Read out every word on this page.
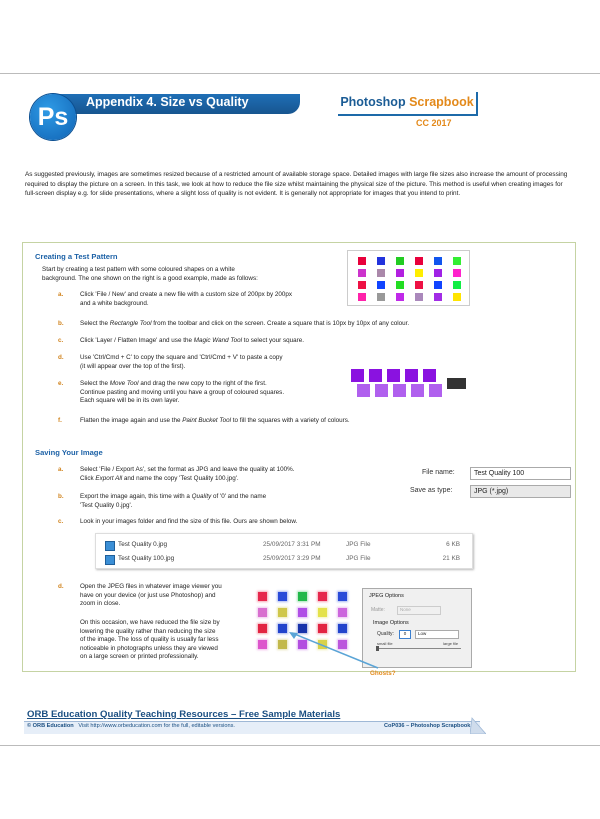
Ps
Appendix 4. Size vs Quality	Photoshop Scrapbook
CC 2017
As suggested previously, images are sometimes resized because of a restricted amount of available storage space. Detailed images with large file sizes also increase the amount of processing required to display the picture on a screen. In this task, we look at how to reduce the file size whilst maintaining the physical size of the picture. This method is useful when creating images for full-screen display e.g. for slide presentations, where a slight loss of quality is not evident. It is generally not appropriate for images that you intend to print.
Creating a Test Pattern
Start by creating a test pattern with some coloured shapes on a white
background. The one shown on the right is a good example, made as follows:
a.	Click 'File / New' and create a new file with a custom size of 200px by 200px
and a white background.
b.	Select the Rectangle Tool from the toolbar and click on the screen. Create a square that is 10px by 10px of any colour.
c.	Click 'Layer / Flatten Image' and use the Magic Wand Tool to select your square.
d.	Use 'Ctrl/Cmd + C' to copy the square and 'Ctrl/Cmd + V' to paste a copy
(it will appear over the top of the first).
e.	Select the Move Tool and drag the new copy to the right of the first.
Continue pasting and moving until you have a group of coloured squares.
Each square will be in its own layer.
f.	Flatten the image again and use the Paint Bucket Tool to fill the squares with a variety of colours.
Saving Your Image
a.	Select 'File / Export As', set the format as JPG and leave the quality at 100%.
Click Export All and name the copy 'Test Quality 100.jpg'.
b.	Export the image again, this time with a Quality of '0' and the name
'Test Quality 0.jpg'.
c.	Look in your images folder and find the size of this file. Ours are shown below.
File name:	Test Quality 100
Save as type:	JPG (*.jpg)
Test Quality 0.jpg	25/09/2017 3:31 PM	JPG File	6 KB
Test Quality 100.jpg	25/09/2017 3:29 PM	JPG File	21 KB
d.	Open the JPEG files in whatever image viewer you
have on your device (or just use Photoshop) and
zoom in close.
On this occasion, we have reduced the file size by
lowering the quality rather than reducing the size
of the image. The loss of quality is usually far less
noticeable in photographs unless they are viewed
on a large screen or printed professionally.
JPEG Options
Matte:	None
Image Options
Quality:	0	Low
small file	large file
Ghosts?
ORB Education Quality Teaching Resources – Free Sample Materials
© ORB Education Visit http://www.orbeducation.com for the full, editable versions.	CoP036 – Photoshop Scrapbook
